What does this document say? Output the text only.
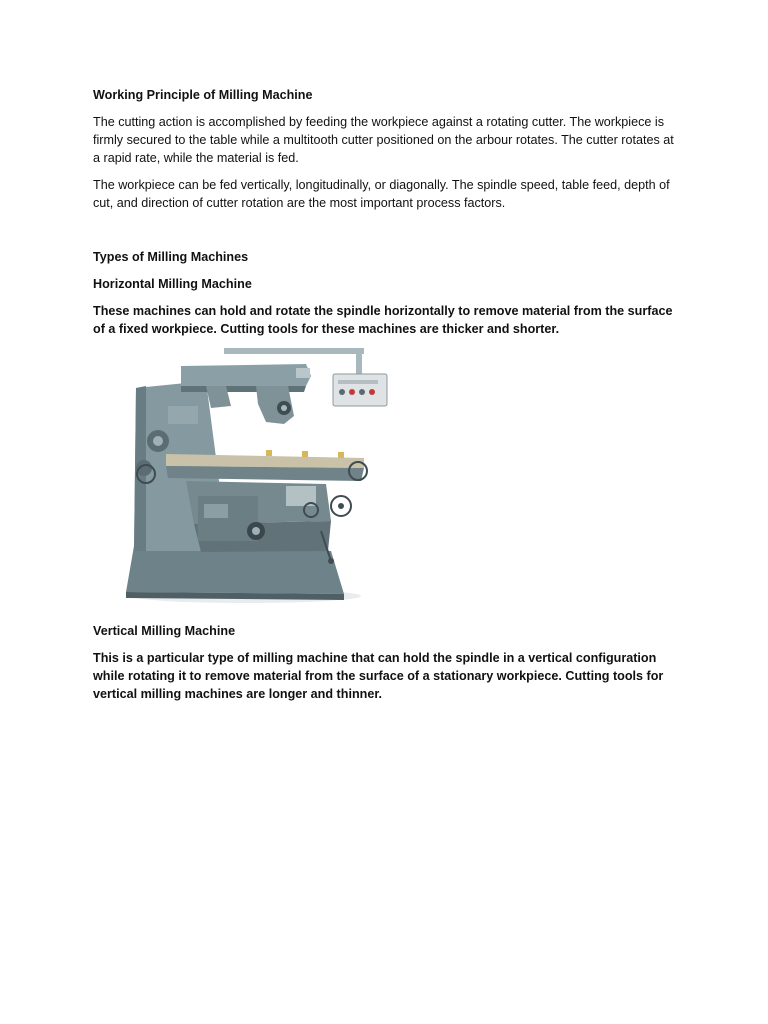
Working Principle of Milling Machine

The cutting action is accomplished by feeding the workpiece against a rotating cutter. The workpiece is firmly secured to the table while a multitooth cutter positioned on the arbour rotates. The cutter rotates at a rapid rate, while the material is fed.

The workpiece can be fed vertically, longitudinally, or diagonally. The spindle speed, table feed, depth of cut, and direction of cutter rotation are the most important process factors.

Types of Milling Machines

Horizontal Milling Machine

These machines can hold and rotate the spindle horizontally to remove material from the surface of a fixed workpiece. Cutting tools for these machines are thicker and shorter.

Vertical Milling Machine

This is a particular type of milling machine that can hold the spindle in a vertical configuration while rotating it to remove material from the surface of a stationary workpiece. Cutting tools for vertical milling machines are longer and thinner.
